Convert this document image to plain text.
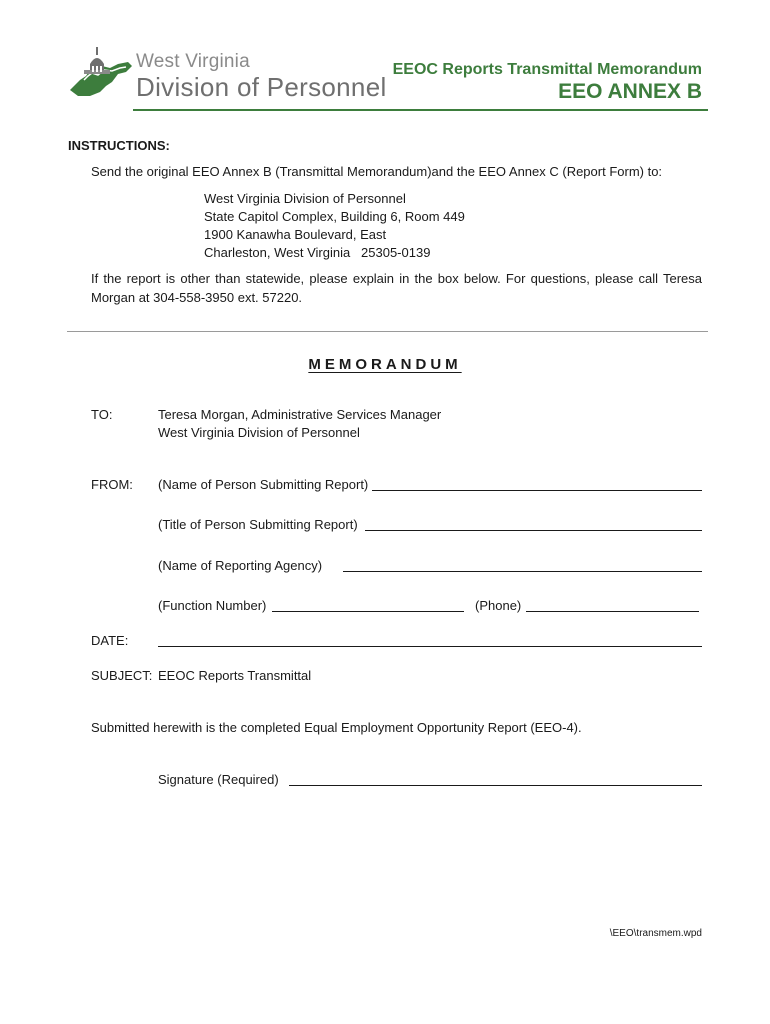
West Virginia
Division of Personnel
EEOC Reports Transmittal Memorandum
EEO ANNEX B
INSTRUCTIONS:
Send the original EEO Annex B (Transmittal Memorandum)and the EEO Annex C (Report Form) to:
West Virginia Division of Personnel
State Capitol Complex, Building 6, Room 449
1900 Kanawha Boulevard, East
Charleston, West Virginia   25305-0139
If the report is other than statewide, please explain in the box below. For questions, please call Teresa Morgan at 304-558-3950 ext. 57220.
MEMORANDUM
TO:	Teresa Morgan, Administrative Services Manager
West Virginia Division of Personnel
FROM: (Name of Person Submitting Report)
(Title of Person Submitting Report)
(Name of Reporting Agency)
(Function Number)	(Phone)
DATE:
SUBJECT: EEOC Reports Transmittal
Submitted herewith is the completed Equal Employment Opportunity Report (EEO-4).
Signature (Required)
\EEO\transmem.wpd
